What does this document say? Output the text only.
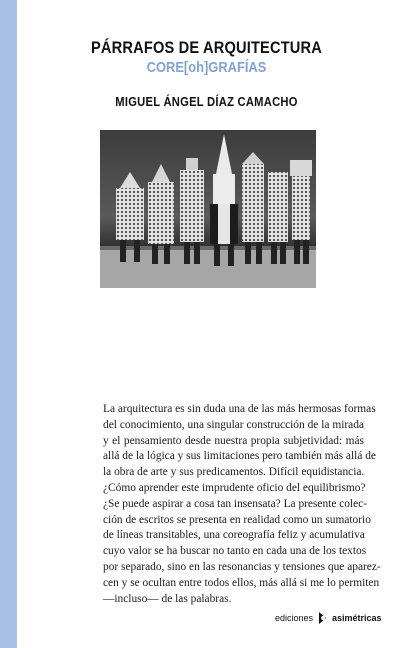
PÁRRAFOS DE ARQUITECTURA
CORE[oh]GRAFÍAS
MIGUEL ÁNGEL DÍAZ CAMACHO
La arquitectura es sin duda una de las más hermosas formas
del conocimiento, una singular construcción de la mirada
y el pensamiento desde nuestra propia subjetividad: más
allá de la lógica y sus limitaciones pero también más allá de
la obra de arte y sus predicamentos. Difícil equidistancia.
¿Cómo aprender este imprudente oficio del equilibrismo?
¿Se puede aspirar a cosa tan insensata? La presente colec-
ción de escritos se presenta en realidad como un sumatorio
de líneas transitables, una coreografía feliz y acumulativa
cuyo valor se ha buscar no tanto en cada una de los textos
por separado, sino en las resonancias y tensiones que aparez-
cen y se ocultan entre todos ellos, más allá si me lo permiten
—incluso— de las palabras.
ediciones asimétricas
